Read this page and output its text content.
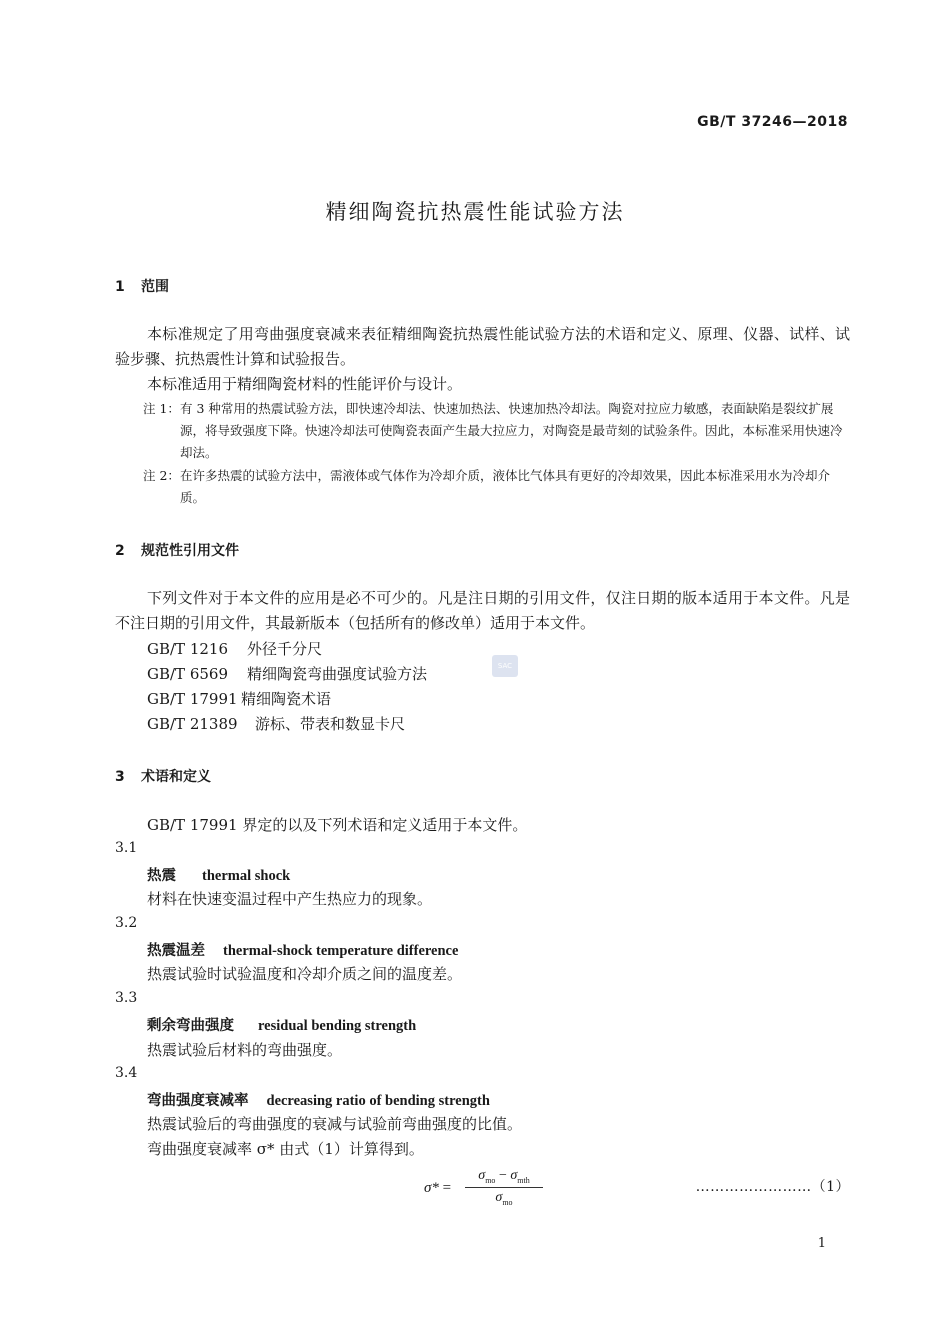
GB/T 37246—2018
精细陶瓷抗热震性能试验方法
1 范围
本标准规定了用弯曲强度衰减来表征精细陶瓷抗热震性能试验方法的术语和定义、原理、仪器、试样、试验步骤、抗热震性计算和试验报告。
本标准适用于精细陶瓷材料的性能评价与设计。
注 1： 有 3 种常用的热震试验方法，即快速冷却法、快速加热法、快速加热冷却法。陶瓷对拉应力敏感，表面缺陷是裂纹扩展源，将导致强度下降。快速冷却法可使陶瓷表面产生最大拉应力，对陶瓷是最苛刻的试验条件。因此，本标准采用快速冷却法。
注 2： 在许多热震的试验方法中，需液体或气体作为冷却介质，液体比气体具有更好的冷却效果，因此本标准采用水为冷却介质。
2 规范性引用文件
下列文件对于本文件的应用是必不可少的。凡是注日期的引用文件，仅注日期的版本适用于本文件。凡是不注日期的引用文件，其最新版本（包括所有的修改单）适用于本文件。
GB/T 1216 外径千分尺
GB/T 6569 精细陶瓷弯曲强度试验方法
GB/T 17991 精细陶瓷术语
GB/T 21389 游标、带表和数显卡尺
SAC
3 术语和定义
GB/T 17991 界定的以及下列术语和定义适用于本文件。
3.1
热震 thermal shock
材料在快速变温过程中产生热应力的现象。
3.2
热震温差 thermal-shock temperature difference
热震试验时试验温度和冷却介质之间的温度差。
3.3
剩余弯曲强度 residual bending strength
热震试验后材料的弯曲强度。
3.4
弯曲强度衰减率 decreasing ratio of bending strength
热震试验后的弯曲强度的衰减与试验前弯曲强度的比值。
弯曲强度衰减率 σ* 由式（1）计算得到。
σ* =
$\sigma_{mo} - \sigma_{mth}$
$\sigma_{mo}$
……………………（1）
1
